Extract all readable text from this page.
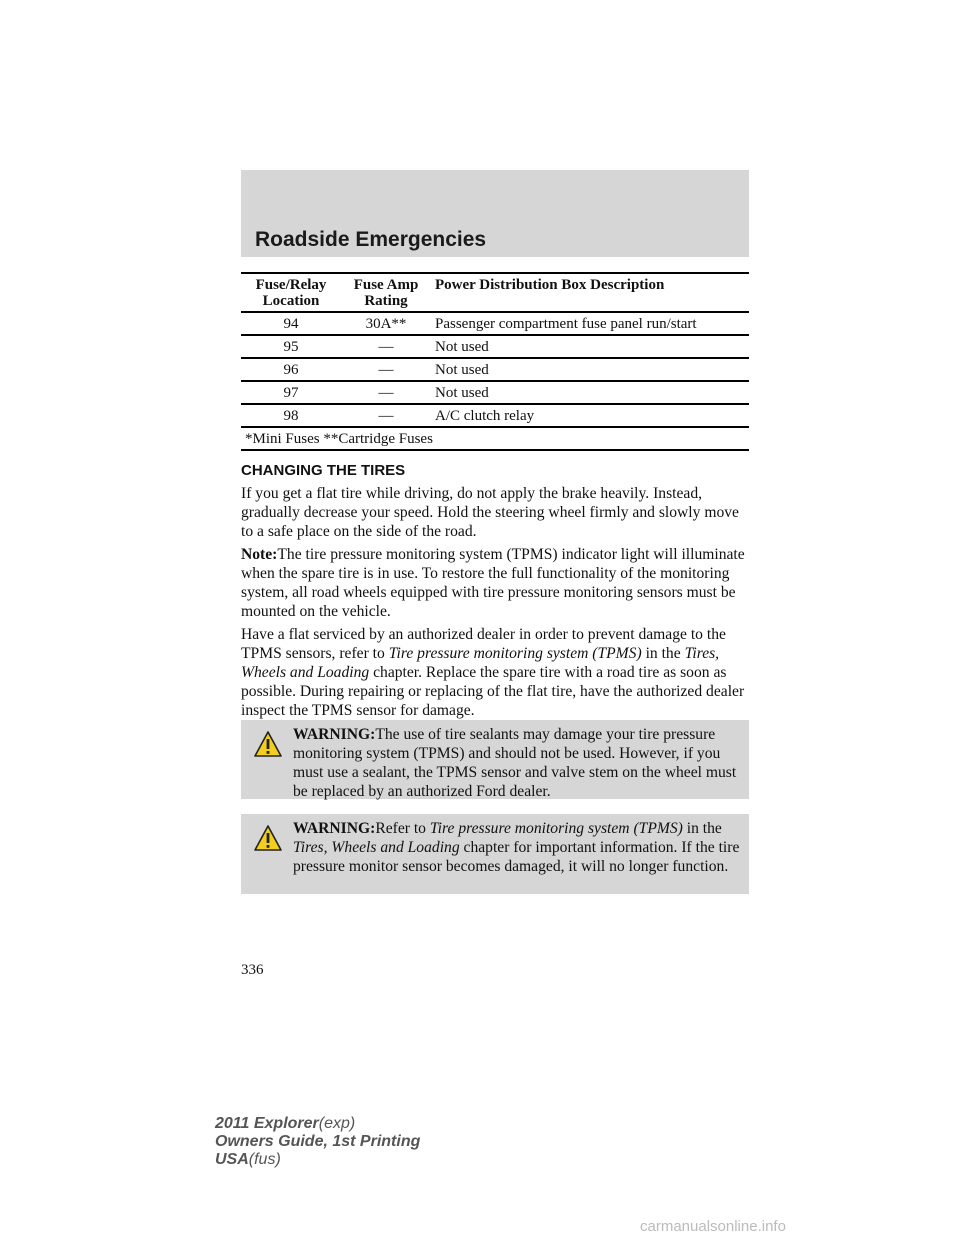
Roadside Emergencies
Fuse/Relay Location	Fuse Amp Rating	Power Distribution Box Description
94	30A**	Passenger compartment fuse panel run/start
95	—	Not used
96	—	Not used
97	—	Not used
98	—	A/C clutch relay
*Mini Fuses **Cartridge Fuses		
CHANGING THE TIRES

If you get a flat tire while driving, do not apply the brake heavily. Instead, gradually decrease your speed. Hold the steering wheel firmly and slowly move to a safe place on the side of the road.

Note:The tire pressure monitoring system (TPMS) indicator light will illuminate when the spare tire is in use. To restore the full functionality of the monitoring system, all road wheels equipped with tire pressure monitoring sensors must be mounted on the vehicle.

Have a flat serviced by an authorized dealer in order to prevent damage to the TPMS sensors, refer to Tire pressure monitoring system (TPMS) in the Tires, Wheels and Loading chapter. Replace the spare tire with a road tire as soon as possible. During repairing or replacing of the flat tire, have the authorized dealer inspect the TPMS sensor for damage.

WARNING:The use of tire sealants may damage your tire pressure monitoring system (TPMS) and should not be used. However, if you must use a sealant, the TPMS sensor and valve stem on the wheel must be replaced by an authorized Ford dealer.
WARNING:Refer to Tire pressure monitoring system (TPMS) in the Tires, Wheels and Loading chapter for important information. If the tire pressure monitor sensor becomes damaged, it will no longer function.

336

2011 Explorer(exp)
Owners Guide, 1st Printing
USA(fus)

carmanualsonline.info
